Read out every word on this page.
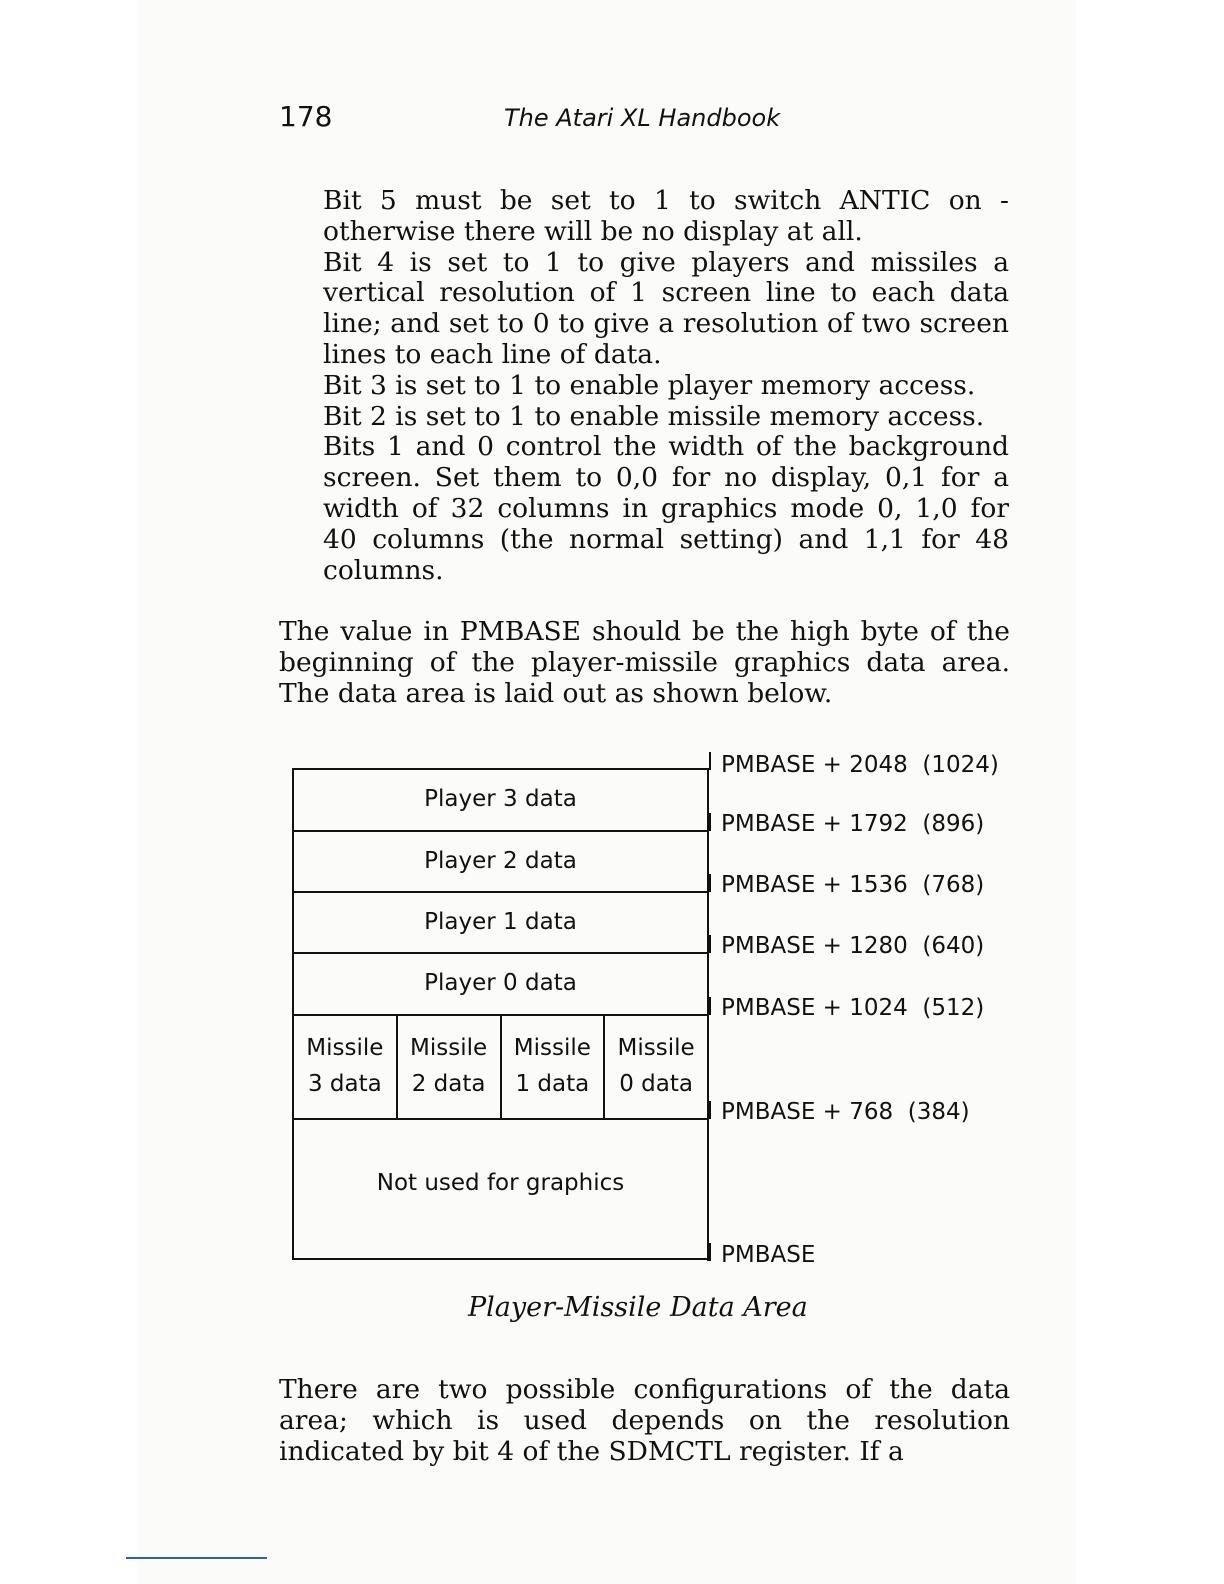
178	The Atari XL Handbook

Bit 5 must be set to 1 to switch ANTIC on - otherwise there will be no display at all.

Bit 4 is set to 1 to give players and missiles a vertical resolution of 1 screen line to each data line; and set to 0 to give a resolution of two screen lines to each line of data.

Bit 3 is set to 1 to enable player memory access.

Bit 2 is set to 1 to enable missile memory access.

Bits 1 and 0 control the width of the background screen. Set them to 0,0 for no display, 0,1 for a width of 32 columns in graphics mode 0, 1,0 for 40 columns (the normal setting) and 1,1 for 48 columns.

The value in PMBASE should be the high byte of the beginning of the player-missile graphics data area. The data area is laid out as shown below.

Player 3 data
Player 2 data
Player 1 data
Player 0 data
Missile
3 data
Missile
2 data
Missile
1 data
Missile
0 data
Not used for graphics
PMBASE + 2048  (1024)
PMBASE + 1792  (896)
PMBASE + 1536  (768)
PMBASE + 1280  (640)
PMBASE + 1024  (512)
PMBASE + 768  (384)
PMBASE
Player-Missile Data Area

There are two possible configurations of the data area; which is used depends on the resolution indicated by bit 4 of the SDMCTL register. If a
